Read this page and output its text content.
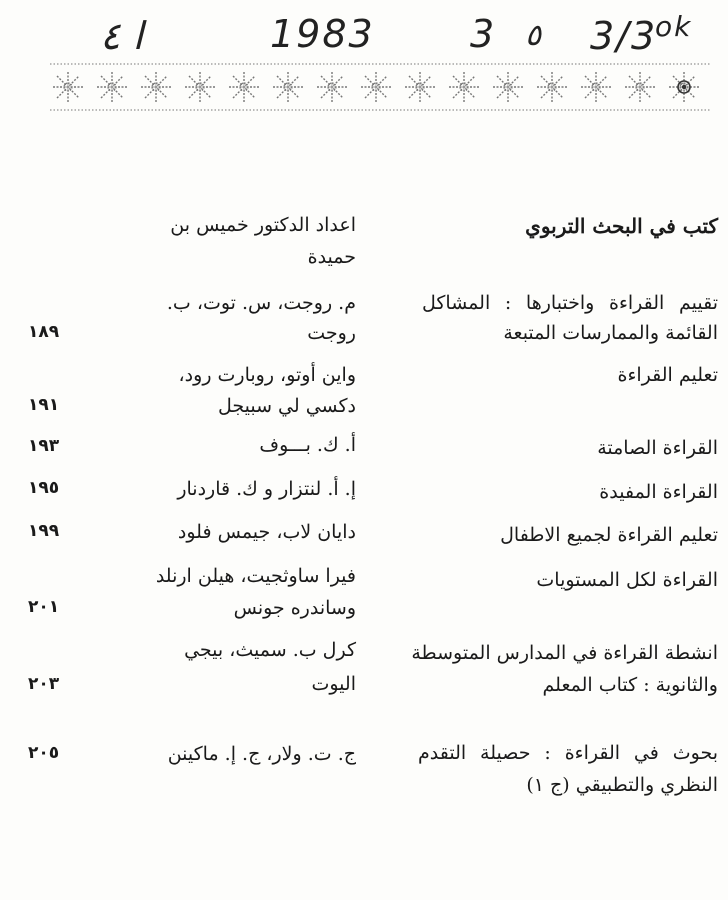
ا ٤	1983	3 ٥ 3/3
ok
كتب في البحث التربوي
اعداد الدكتور خميس بن
حميدة
تقييم القراءة واختبارها : المشاكل
القائمة والممارسات المتبعة
م. روجت، س. توت، ب.
روجت
١٨٩
تعليم القراءة
واين أوتو، روبارت رود،
دكسي لي سبيجل
١٩١
القراءة الصامتة
أ. ك. بـــوف
١٩٣
القراءة المفيدة
إ. أ. لنتزار و ك. قاردنار
١٩٥
تعليم القراءة لجميع الاطفال
دايان لاب، جيمس فلود
١٩٩
القراءة لكل المستويات
فيرا ساوثجيت، هيلن ارنلد
وساندره جونس
٢٠١
انشطة القراءة في المدارس المتوسطة
والثانوية : كتاب المعلم
كرل ب. سميث، بيجي
اليوت
٢٠٣
بحوث في القراءة : حصيلة التقدم
النظري والتطبيقي (ج ١)
ج. ت. ولار، ج. إ. ماكينن
٢٠٥
